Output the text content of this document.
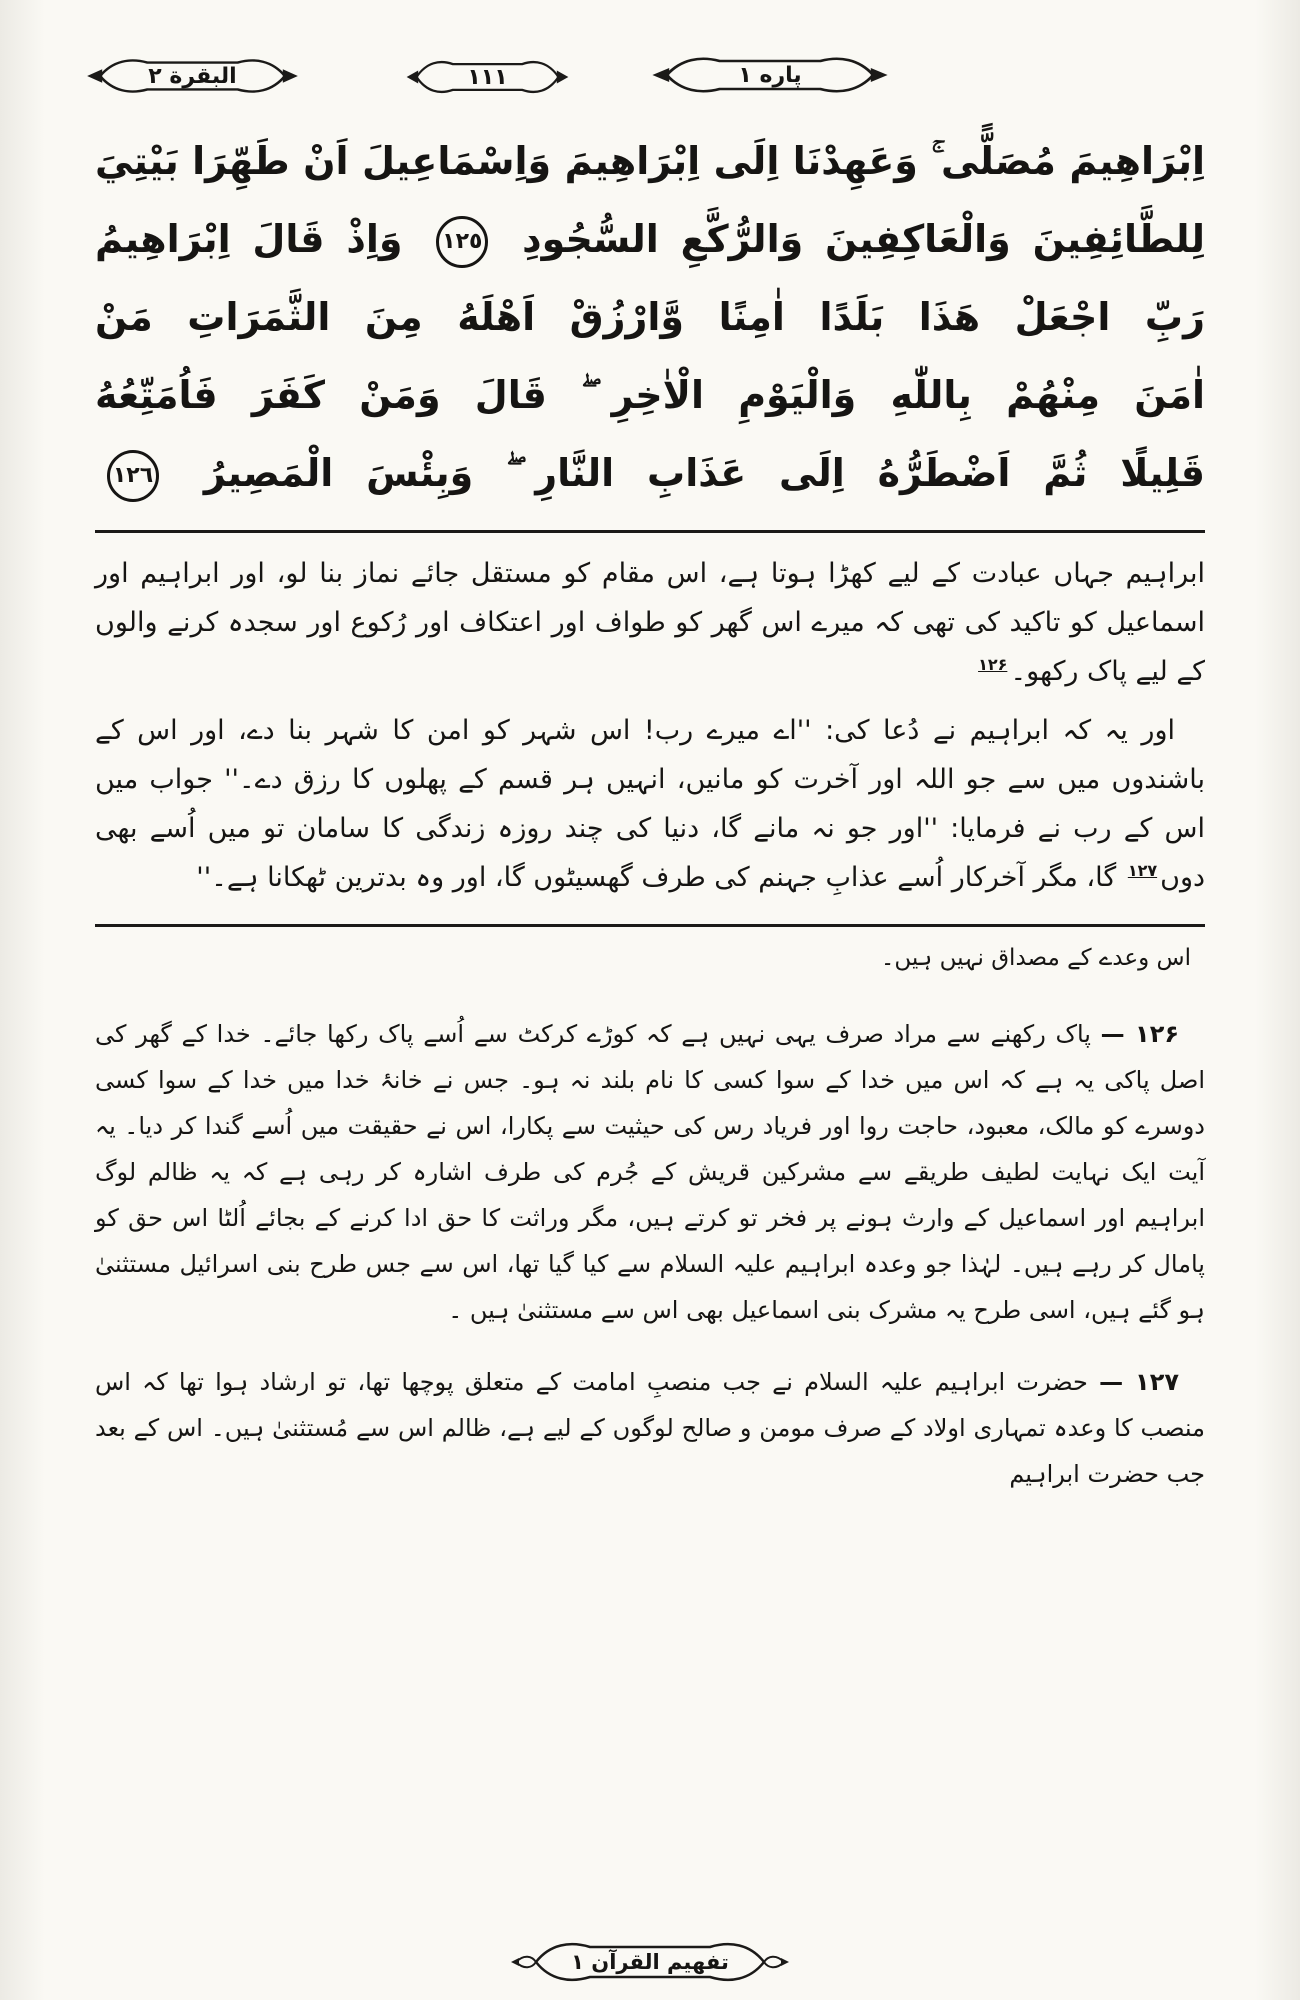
البقرة ٢	١١١	پاره ١
اِبْرَاهِيمَ مُصَلًّى ۚ وَعَهِدْنَا اِلَى اِبْرَاهِيمَ وَاِسْمَاعِيلَ اَنْ طَهِّرَا بَيْتِيَ
لِلطَّائِفِينَ وَالْعَاكِفِينَ وَالرُّكَّعِ السُّجُودِ ١٢٥ وَاِذْ قَالَ اِبْرَاهِيمُ
رَبِّ اجْعَلْ هَذَا بَلَدًا اٰمِنًا وَّارْزُقْ اَهْلَهُ مِنَ الثَّمَرَاتِ مَنْ
اٰمَنَ مِنْهُمْ بِاللّٰهِ وَالْيَوْمِ الْاٰخِرِ ۖ قَالَ وَمَنْ كَفَرَ فَاُمَتِّعُهُ
قَلِيلًا ثُمَّ اَضْطَرُّهُ اِلَى عَذَابِ النَّارِ ۖ وَبِئْسَ الْمَصِيرُ ١٢٦

ابراہیم جہاں عبادت کے لیے کھڑا ہوتا ہے، اس مقام کو مستقل جائے نماز بنا لو، اور ابراہیم اور اسماعیل کو تاکید کی تھی کہ میرے اس گھر کو طواف اور اعتکاف اور رُکوع اور سجدہ کرنے والوں کے لیے پاک رکھو۔$^{۱۲۶}$

اور یہ کہ ابراہیم نے دُعا کی: ''اے میرے رب! اس شہر کو امن کا شہر بنا دے، اور اس کے باشندوں میں سے جو اللہ اور آخرت کو مانیں، انہیں ہر قسم کے پھلوں کا رزق دے۔'' جواب میں اس کے رب نے فرمایا: ''اور جو نہ مانے گا، دنیا کی چند روزہ زندگی کا سامان تو میں اُسے بھی دوں$^{۱۲۷}$ گا، مگر آخرکار اُسے عذابِ جہنم کی طرف گھسیٹوں گا، اور وہ بدترین ٹھکانا ہے۔''

اس وعدے کے مصداق نہیں ہیں۔

۱۲۶ — پاک رکھنے سے مراد صرف یہی نہیں ہے کہ کوڑے کرکٹ سے اُسے پاک رکھا جائے۔ خدا کے گھر کی اصل پاکی یہ ہے کہ اس میں خدا کے سوا کسی کا نام بلند نہ ہو۔ جس نے خانۂ خدا میں خدا کے سوا کسی دوسرے کو مالک، معبود، حاجت روا اور فریاد رس کی حیثیت سے پکارا، اس نے حقیقت میں اُسے گندا کر دیا۔ یہ آیت ایک نہایت لطیف طریقے سے مشرکین قریش کے جُرم کی طرف اشارہ کر رہی ہے کہ یہ ظالم لوگ ابراہیم اور اسماعیل کے وارث ہونے پر فخر تو کرتے ہیں، مگر وراثت کا حق ادا کرنے کے بجائے اُلٹا اس حق کو پامال کر رہے ہیں۔ لہٰذا جو وعدہ ابراہیم علیہ السلام سے کیا گیا تھا، اس سے جس طرح بنی اسرائیل مستثنیٰ ہو گئے ہیں، اسی طرح یہ مشرک بنی اسماعیل بھی اس سے مستثنیٰ ہیں ۔

۱۲۷ — حضرت ابراہیم علیہ السلام نے جب منصبِ امامت کے متعلق پوچھا تھا، تو ارشاد ہوا تھا کہ اس منصب کا وعدہ تمہاری اولاد کے صرف مومن و صالح لوگوں کے لیے ہے، ظالم اس سے مُستثنیٰ ہیں۔ اس کے بعد جب حضرت ابراہیم

تفهيم القرآن ١
